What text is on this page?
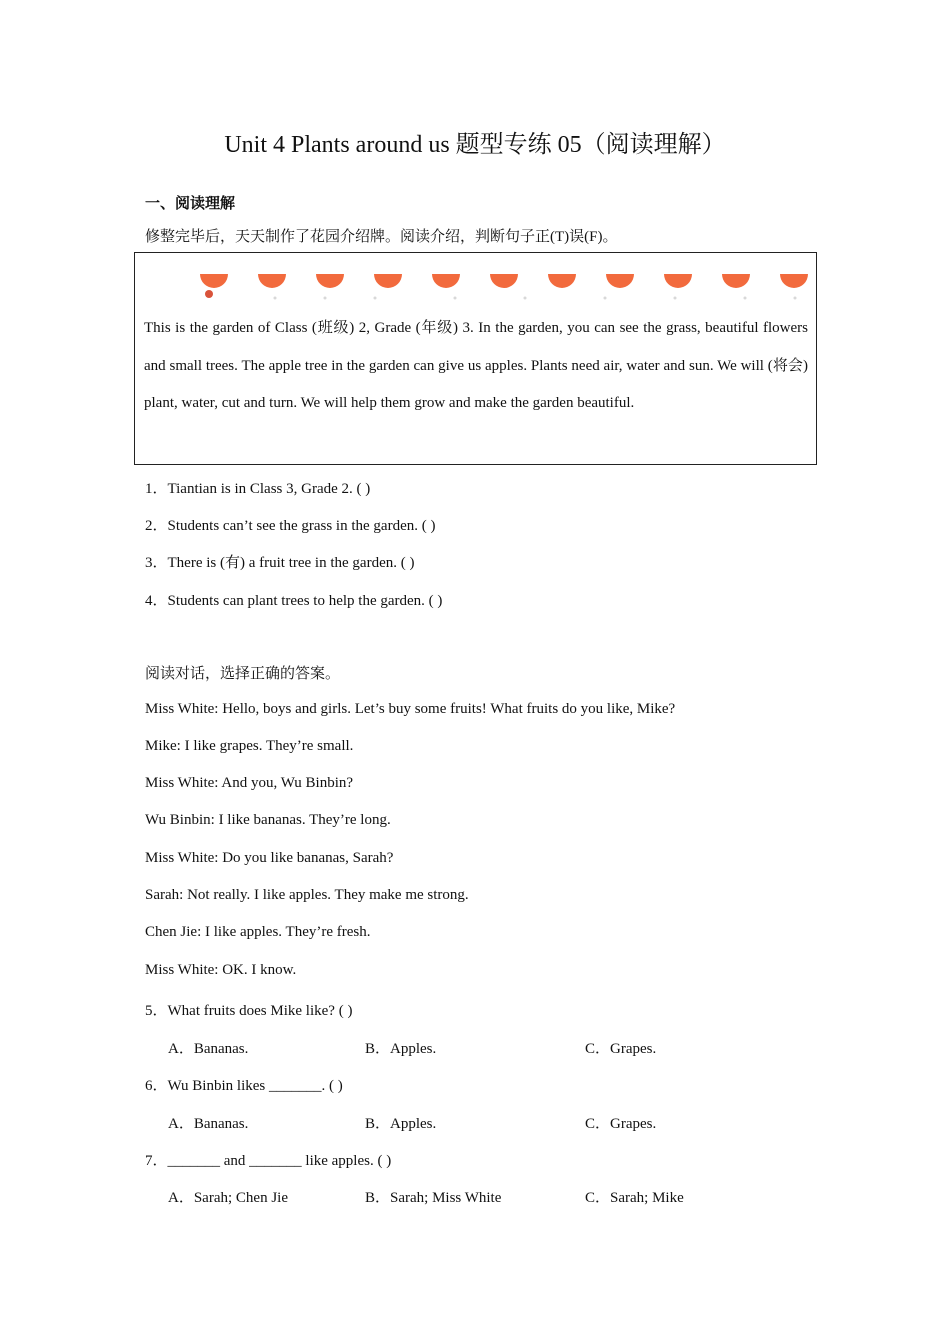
Unit 4 Plants around us 题型专练 05（阅读理解）
一、阅读理解
修整完毕后，天天制作了花园介绍牌。阅读介绍，判断句子正(T)误(F)。
This is the garden of Class (班级) 2, Grade (年级) 3. In the garden, you can see the grass, beautiful flowers and small trees. The apple tree in the garden can give us apples. Plants need air, water and sun. We will (将会) plant, water, cut and turn. We will help them grow and make the garden beautiful.
1．Tiantian is in Class 3, Grade 2. ( )
2．Students can’t see the grass in the garden. ( )
3．There is (有) a fruit tree in the garden. ( )
4．Students can plant trees to help the garden. ( )
阅读对话，选择正确的答案。
Miss White: Hello, boys and girls. Let’s buy some fruits! What fruits do you like, Mike?
Mike: I like grapes. They’re small.
Miss White: And you, Wu Binbin?
Wu Binbin: I like bananas. They’re long.
Miss White: Do you like bananas, Sarah?
Sarah: Not really. I like apples. They make me strong.
Chen Jie: I like apples. They’re fresh.
Miss White: OK. I know.
5．What fruits does Mike like? ( )
A．Bananas.	B．Apples.	C．Grapes.
6．Wu Binbin likes _______. ( )
A．Bananas.	B．Apples.	C．Grapes.
7．_______ and _______ like apples. ( )
A．Sarah; Chen Jie	B．Sarah; Miss White	C．Sarah; Mike
